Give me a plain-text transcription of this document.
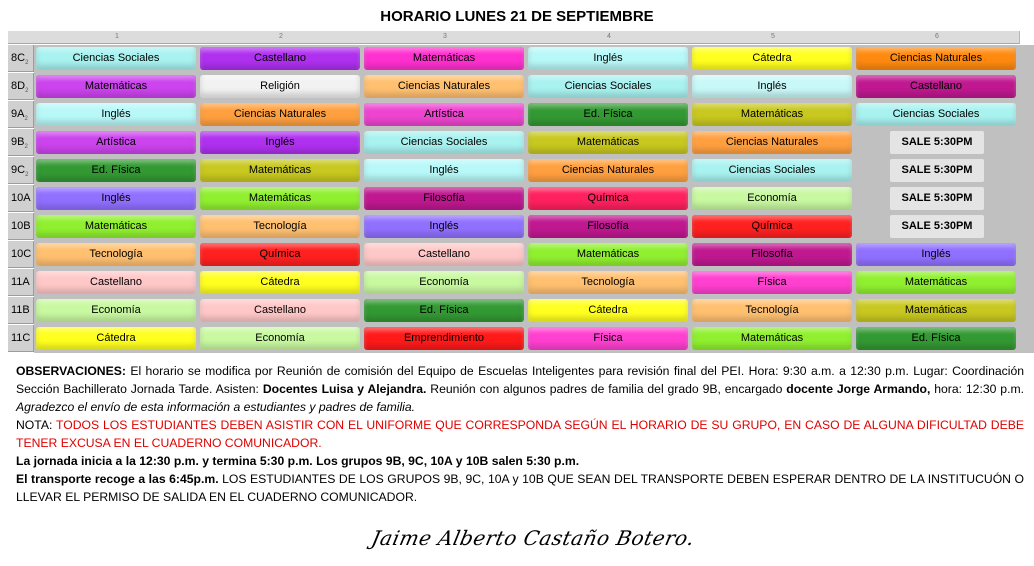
HORARIO LUNES 21 DE SEPTIEMBRE
1	2	3	4	5	6
$8C_2$	Ciencias Sociales	Castellano	Matemáticas	Inglés	Cátedra	Ciencias Naturales
$8D_2$	Matemáticas	Religión	Ciencias Naturales	Ciencias Sociales	Inglés	Castellano
$9A_2$	Inglés	Ciencias Naturales	Artística	Ed. Física	Matemáticas	Ciencias Sociales
$9B_2$	Artística	Inglés	Ciencias Sociales	Matemáticas	Ciencias Naturales	SALE 5:30PM
$9C_2$	Ed. Física	Matemáticas	Inglés	Ciencias Naturales	Ciencias Sociales	SALE 5:30PM
10A	Inglés	Matemáticas	Filosofía	Química	Economía	SALE 5:30PM
10B	Matemáticas	Tecnología	Inglés	Filosofía	Química	SALE 5:30PM
10C	Tecnología	Química	Castellano	Matemáticas	Filosofía	Inglés
11A	Castellano	Cátedra	Economía	Tecnología	Física	Matemáticas
11B	Economía	Castellano	Ed. Física	Cátedra	Tecnología	Matemáticas
11C	Cátedra	Economía	Emprendimiento	Física	Matemáticas	Ed. Física

OBSERVACIONES: El horario se modifica por Reunión de comisión del Equipo de Escuelas Inteligentes para revisión final del PEI. Hora: 9:30 a.m. a 12:30 p.m. Lugar: Coordinación Sección Bachillerato Jornada Tarde. Asisten: Docentes Luisa y Alejandra. Reunión con algunos padres de familia del grado 9B, encargado docente Jorge Armando, hora: 12:30 p.m. Agradezco el envío de esta información a estudiantes y padres de familia.

NOTA: TODOS LOS ESTUDIANTES DEBEN ASISTIR CON EL UNIFORME QUE CORRESPONDA SEGÚN EL HORARIO DE SU GRUPO, EN CASO DE ALGUNA DIFICULTAD DEBE TENER EXCUSA EN EL CUADERNO COMUNICADOR.

La jornada inicia a la 12:30 p.m. y termina 5:30 p.m. Los grupos 9B, 9C, 10A y 10B salen 5:30 p.m.

El transporte recoge a las 6:45p.m. LOS ESTUDIANTES DE LOS GRUPOS 9B, 9C, 10A y 10B QUE SEAN DEL TRANSPORTE DEBEN ESPERAR DENTRO DE LA INSTITUCUÓN O LLEVAR EL PERMISO DE SALIDA EN EL CUADERNO COMUNICADOR.

Jaime Alberto Castaño Botero.
